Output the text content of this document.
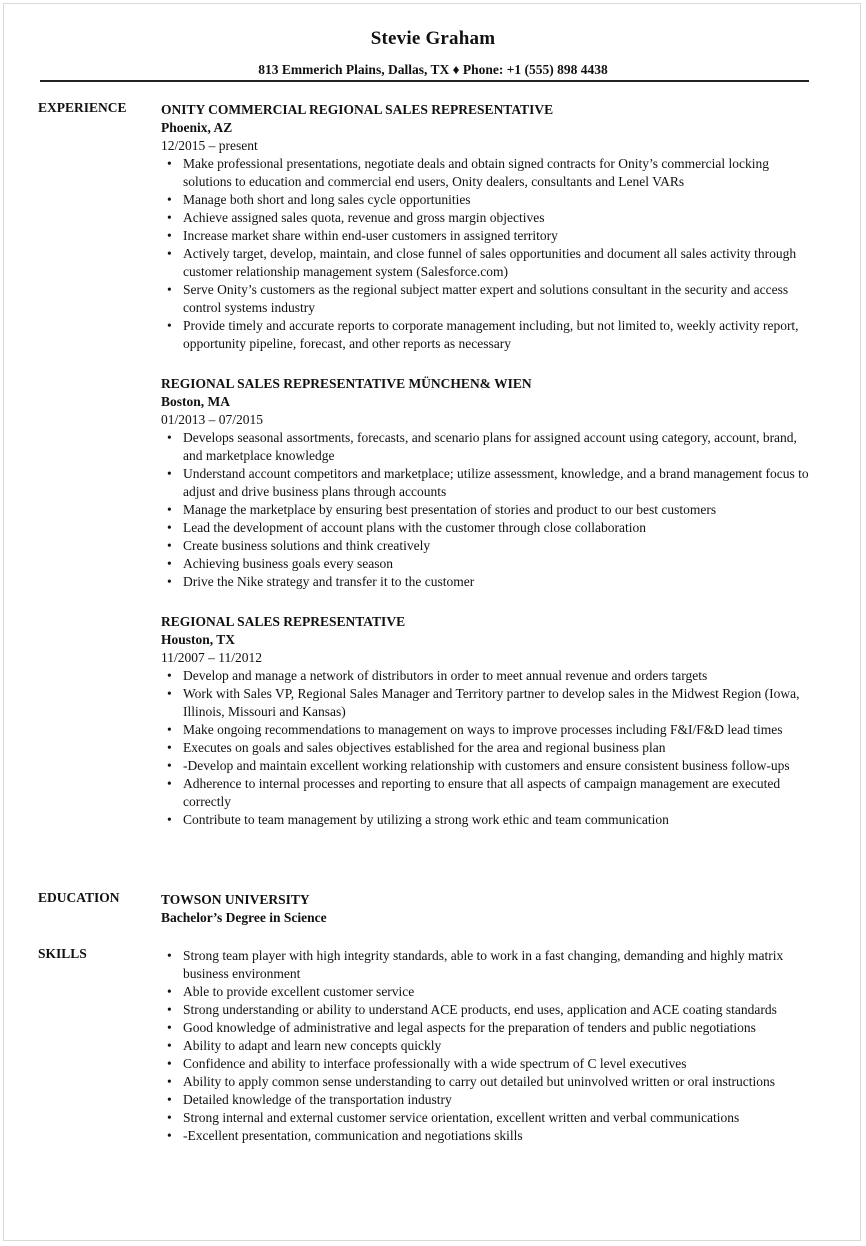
Stevie Graham
813 Emmerich Plains, Dallas, TX ♦ Phone: +1 (555) 898 4438
EXPERIENCE	ONITY COMMERCIAL REGIONAL SALES REPRESENTATIVE
Phoenix, AZ
12/2015 – present
• Make professional presentations, negotiate deals and obtain signed contracts for Onity’s commercial locking solutions to education and commercial end users, Onity dealers, consultants and Lenel VARs
• Manage both short and long sales cycle opportunities
• Achieve assigned sales quota, revenue and gross margin objectives
• Increase market share within end-user customers in assigned territory
• Actively target, develop, maintain, and close funnel of sales opportunities and document all sales activity through customer relationship management system (Salesforce.com)
• Serve Onity’s customers as the regional subject matter expert and solutions consultant in the security and access control systems industry
• Provide timely and accurate reports to corporate management including, but not limited to, weekly activity report, opportunity pipeline, forecast, and other reports as necessary
REGIONAL SALES REPRESENTATIVE MÜNCHEN& WIEN
Boston, MA
01/2013 – 07/2015
• Develops seasonal assortments, forecasts, and scenario plans for assigned account using category, account, brand, and marketplace knowledge
• Understand account competitors and marketplace; utilize assessment, knowledge, and a brand management focus to adjust and drive business plans through accounts
• Manage the marketplace by ensuring best presentation of stories and product to our best customers
• Lead the development of account plans with the customer through close collaboration
• Create business solutions and think creatively
• Achieving business goals every season
• Drive the Nike strategy and transfer it to the customer
REGIONAL SALES REPRESENTATIVE
Houston, TX
11/2007 – 11/2012
• Develop and manage a network of distributors in order to meet annual revenue and orders targets
• Work with Sales VP, Regional Sales Manager and Territory partner to develop sales in the Midwest Region (Iowa, Illinois, Missouri and Kansas)
• Make ongoing recommendations to management on ways to improve processes including F&I/F&D lead times
• Executes on goals and sales objectives established for the area and regional business plan
• -Develop and maintain excellent working relationship with customers and ensure consistent business follow-ups
• Adherence to internal processes and reporting to ensure that all aspects of campaign management are executed correctly
• Contribute to team management by utilizing a strong work ethic and team communication
EDUCATION	TOWSON UNIVERSITY
Bachelor’s Degree in Science
SKILLS
•	Strong team player with high integrity standards, able to work in a fast changing, demanding and highly matrix business environment
• Able to provide excellent customer service
• Strong understanding or ability to understand ACE products, end uses, application and ACE coating standards
• Good knowledge of administrative and legal aspects for the preparation of tenders and public negotiations
• Ability to adapt and learn new concepts quickly
• Confidence and ability to interface professionally with a wide spectrum of C level executives
• Ability to apply common sense understanding to carry out detailed but uninvolved written or oral instructions
• Detailed knowledge of the transportation industry
• Strong internal and external customer service orientation, excellent written and verbal communications
• -Excellent presentation, communication and negotiations skills
